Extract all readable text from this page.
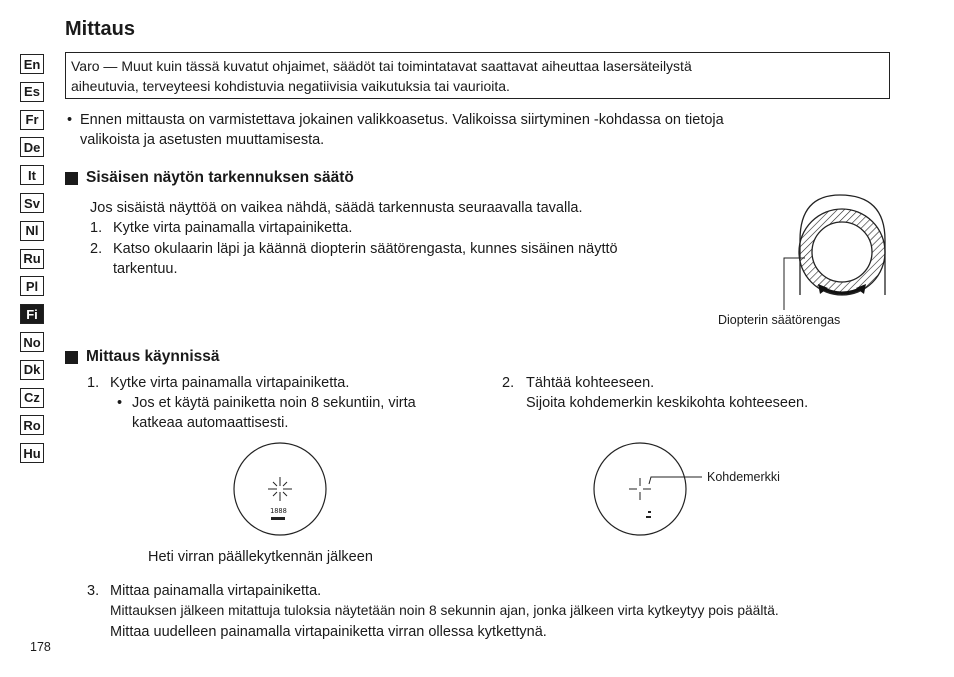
Mittaus
En
Es
Fr
De
It
Sv
Nl
Ru
Pl
Fi
No
Dk
Cz
Ro
Hu
Varo — Muut kuin tässä kuvatut ohjaimet, säädöt tai toimintatavat saattavat aiheuttaa lasersäteilystä
aiheutuvia, terveyteesi kohdistuvia negatiivisia vaikutuksia tai vaurioita.
• Ennen mittausta on varmistettava jokainen valikkoasetus. Valikoissa siirtyminen -kohdassa on tietoja
valikoista ja asetusten muuttamisesta.
Sisäisen näytön tarkennuksen säätö
Jos sisäistä näyttöä on vaikea nähdä, säädä tarkennusta seuraavalla tavalla.
1. Kytke virta painamalla virtapainiketta.
2. Katso okulaarin läpi ja käännä diopterin säätörengasta, kunnes sisäinen näyttö
tarkentuu.
Diopterin säätörengas
Mittaus käynnissä
1. Kytke virta painamalla virtapainiketta.
• Jos et käytä painiketta noin 8 sekuntiin, virta
katkeaa automaattisesti.
2. Tähtää kohteeseen.
Sijoita kohdemerkin keskikohta kohteeseen.
1888
Kohdemerkki
Heti virran päällekytkennän jälkeen
3. Mittaa painamalla virtapainiketta.
Mittauksen jälkeen mitattuja tuloksia näytetään noin 8 sekunnin ajan, jonka jälkeen virta kytkeytyy pois päältä.
Mittaa uudelleen painamalla virtapainiketta virran ollessa kytkettynä.
178
